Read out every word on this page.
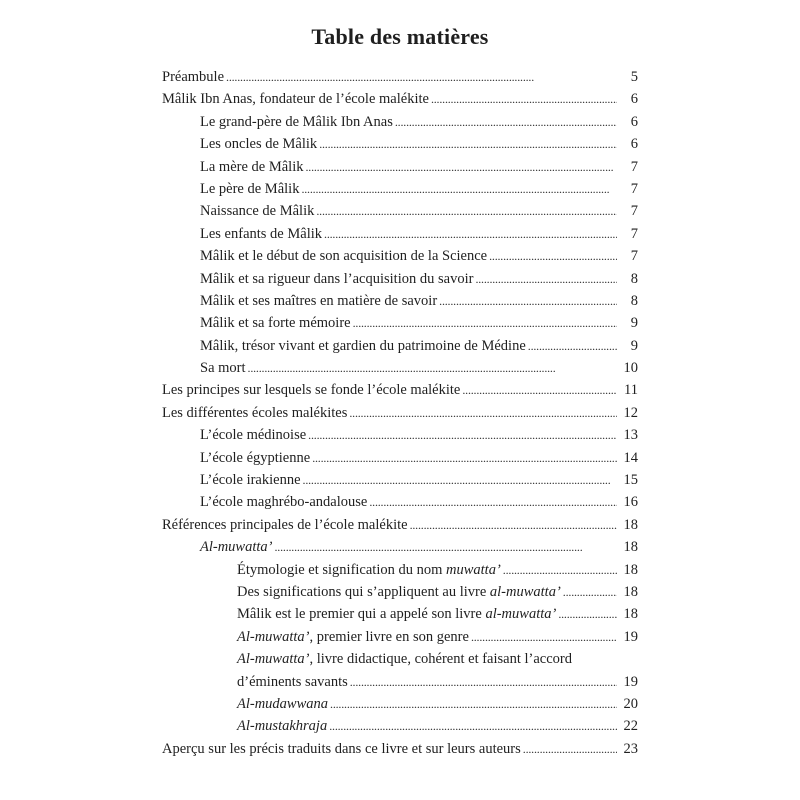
Table des matières
Préambule . . .	5
Mâlik Ibn Anas, fondateur de l’école malékite . . .	6
Le grand-père de Mâlik Ibn Anas . . .	6
Les oncles de Mâlik . . .	6
La mère de Mâlik . . .	7
Le père de Mâlik . . .	7
Naissance de Mâlik . . .	7
Les enfants de Mâlik . . .	7
Mâlik et le début de son acquisition de la Science . . .	7
Mâlik et sa rigueur dans l’acquisition du savoir . . .	8
Mâlik et ses maîtres en matière de savoir . . .	8
Mâlik et sa forte mémoire . . .	9
Mâlik, trésor vivant et gardien du patrimoine de Médine . . .	9
Sa mort . . .	10
Les principes sur lesquels se fonde l’école malékite . . .	11
Les différentes écoles malékites . . .	12
L’école médinoise . . .	13
L’école égyptienne . . .	14
L’école irakienne . . .	15
L’école maghrébo-andalouse . . .	16
Références principales de l’école malékite . . .	18
Al-muwatta’ . . .	18
Étymologie et signification du nom muwatta’ . . .	18
Des significations qui s’appliquent au livre al-muwatta’ . . .	18
Mâlik est le premier qui a appelé son livre al-muwatta’ . . .	18
Al-muwatta’, premier livre en son genre . . .	19
Al-muwatta’, livre didactique, cohérent et faisant l’accord
d’éminents savants . . .	19
Al-mudawwana . . .	20
Al-mustakhraja . . .	22
Aperçu sur les précis traduits dans ce livre et sur leurs auteurs . . .	23
